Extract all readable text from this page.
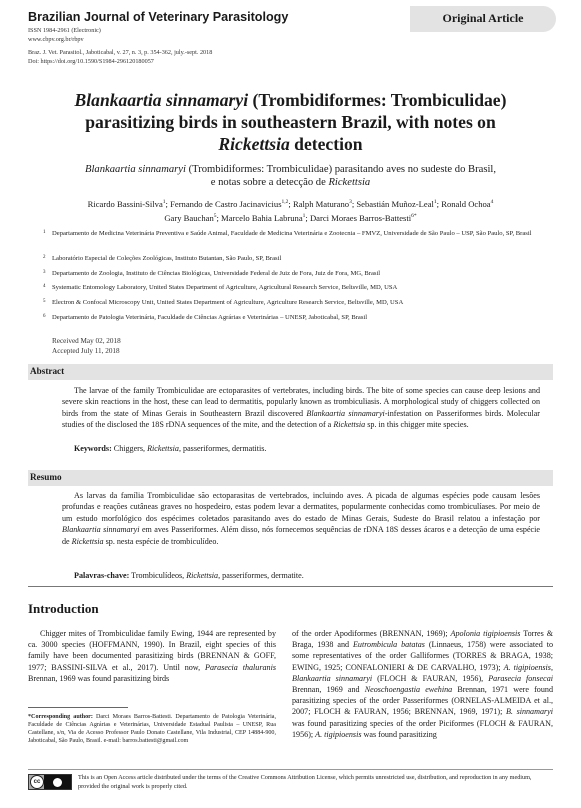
Brazilian Journal of Veterinary Parasitology	Original Article
ISSN 1984-2961 (Electronic)
www.cbpv.org.br/rbpv
Braz. J. Vet. Parasitol., Jaboticabal, v. 27, n. 3, p. 354-362, july.-sept. 2018
Doi: https://doi.org/10.1590/S1984-296120180057
Blankaartia sinnamaryi (Trombidiformes: Trombiculidae)
parasitizing birds in southeastern Brazil, with notes on
Rickettsia detection
Blankaartia sinnamaryi (Trombidiformes: Trombiculidae) parasitando aves no sudeste do Brasil,
e notas sobre a detecção de Rickettsia
Ricardo Bassini-Silva$^1$; Fernando de Castro Jacinavicius$^{1,2}$; Ralph Maturano$^3$; Sebastián Muñoz-Leal$^1$; Ronald Ochoa$^4$
Gary Bauchan$^5$; Marcelo Bahia Labruna$^1$; Darci Moraes Barros-Battesti$^{6*}$
1 Departamento de Medicina Veterinária Preventiva e Saúde Animal, Faculdade de Medicina Veterinária e Zootecnia – FMVZ, Universidade de São Paulo – USP, São Paulo, SP, Brasil
2 Laboratório Especial de Coleções Zoológicas, Instituto Butantan, São Paulo, SP, Brasil
3 Departamento de Zoologia, Instituto de Ciências Biológicas, Universidade Federal de Juiz de Fora, Juiz de Fora, MG, Brasil
4 Systematic Entomology Laboratory, United States Department of Agriculture, Agricultural Research Service, Beltsville, MD, USA
5 Electron & Confocal Microscopy Unit, United States Department of Agriculture, Agriculture Research Service, Beltsville, MD, USA
6 Departamento de Patologia Veterinária, Faculdade de Ciências Agrárias e Veterinárias – UNESP, Jaboticabal, SP, Brasil
Received May 02, 2018
Accepted July 11, 2018
Abstract
The larvae of the family Trombiculidae are ectoparasites of vertebrates, including birds. The bite of some species can cause deep lesions and severe skin reactions in the host, these can lead to dermatitis, popularly known as trombiculiasis. A morphological study of chiggers collected on birds from the state of Minas Gerais in Southeastern Brazil discovered Blankaartia sinnamaryi-infestation on Passeriformes birds. Molecular studies of the disclosed the 18S rDNA sequences of the mite, and the detection of a Rickettsia sp. in this chigger mite species.
Keywords: Chiggers, Rickettsia, passeriformes, dermatitis.
Resumo
As larvas da família Trombiculidae são ectoparasitas de vertebrados, incluindo aves. A picada de algumas espécies pode causam lesões profundas e reações cutâneas graves no hospedeiro, estas podem levar a dermatites, popularmente conhecidas como trombiculíases. Por meio de um estudo morfológico dos espécimes coletados parasitando aves do estado de Minas Gerais, Sudeste do Brasil relatou a infestação por Blankaartia sinnamaryi em aves Passeriformes. Além disso, nós fornecemos sequências de rDNA 18S desses ácaros e a detecção de uma espécie de Rickettsia sp. nesta espécie de trombiculídeo.
Palavras-chave: Trombiculídeos, Rickettsia, passeriformes, dermatite.
Introduction
Chigger mites of Trombiculidae family Ewing, 1944 are represented by ca. 3000 species (HOFFMANN, 1990). In Brazil, eight species of this family have been documented parasitizing birds (BRENNAN & GOFF, 1977; BASSINI-SILVA et al., 2017). Until now, Parasecia thaluranis Brennan, 1969 was found parasitizing birds
of the order Apodiformes (BRENNAN, 1969); Apolonia tigipioensis Torres & Braga, 1938 and Eutrombicula batatas (Linnaeus, 1758) were associated to some representatives of the order Galliformes (TORRES & BRAGA, 1938; EWING, 1925; CONFALONIERI & DE CARVALHO, 1973); A. tigipioensis, Blankaartia sinnamaryi (FLOCH & FAURAN, 1956), Parasecia fonsecai Brennan, 1969 and Neoschoengastia ewehina Brennan, 1971 were found parasitizing species of the order Passeriformes (ORNELAS-ALMEIDA et al., 2007; FLOCH & FAURAN, 1956; BRENNAN, 1969, 1971); B. sinnamaryi was found parasitizing species of the order Piciformes (FLOCH & FAURAN, 1956); A. tigipioensis was found parasitizing
*Corresponding author: Darci Moraes Barros-Battesti. Departamento de Patologia Veterinária, Faculdade de Ciências Agrárias e Veterinárias, Universidade Estadual Paulista – UNESP, Rua Castellane, s/n, Via de Acesso Professor Paulo Donato Castellane, Vila Industrial, CEP 14884-900, Jaboticabal, São Paulo, Brasil. e-mail: barros.battesti@gmail.com
cc
This is an Open Access article distributed under the terms of the Creative Commons Attribution License, which permits unrestricted use, distribution, and reproduction in any medium, provided the original work is properly cited.
